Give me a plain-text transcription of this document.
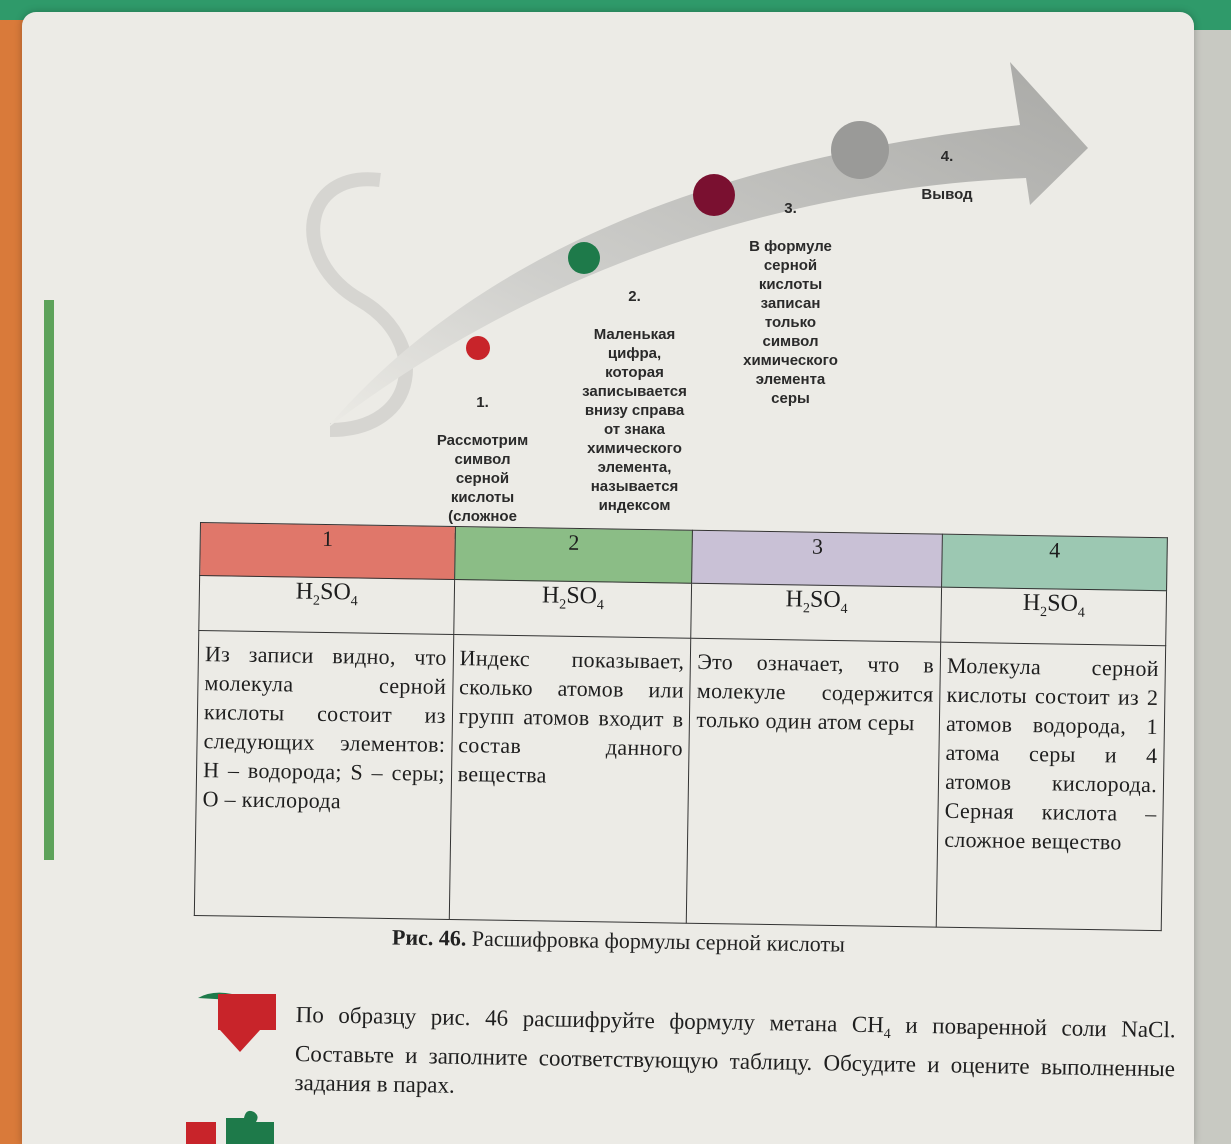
1.

Рассмотрим
символ
серной
кислоты
(сложное

2.

Маленькая
цифра,
которая
записывается
внизу справа
от знака
химического
элемента,
называется
индексом

3.

В формуле
серной
кислоты
записан
только
символ
химического
элемента
серы

4.

Вывод

1	2	3	4
$H_2SO_4$	$H_2SO_4$	$H_2SO_4$	$H_2SO_4$
Из записи видно, что молекула серной кислоты состоит из следующих элементов: H – водорода; S – серы; O – кислорода	Индекс показывает, сколько атомов или групп атомов входит в состав данного вещества	Это означает, что в молекуле содержится только один атом серы	Молекула серной кислоты состоит из 2 атомов водорода, 1 атома серы и 4 атомов кислорода. Серная кислота – сложное вещество
Рис. 46. Расшифровка формулы серной кислоты
По образцу рис. 46 расшифруйте формулу метана $CH_4$ и поваренной соли NaCl. Составьте и заполните соответствующую таблицу. Обсудите и оцените выполненные задания в парах.
